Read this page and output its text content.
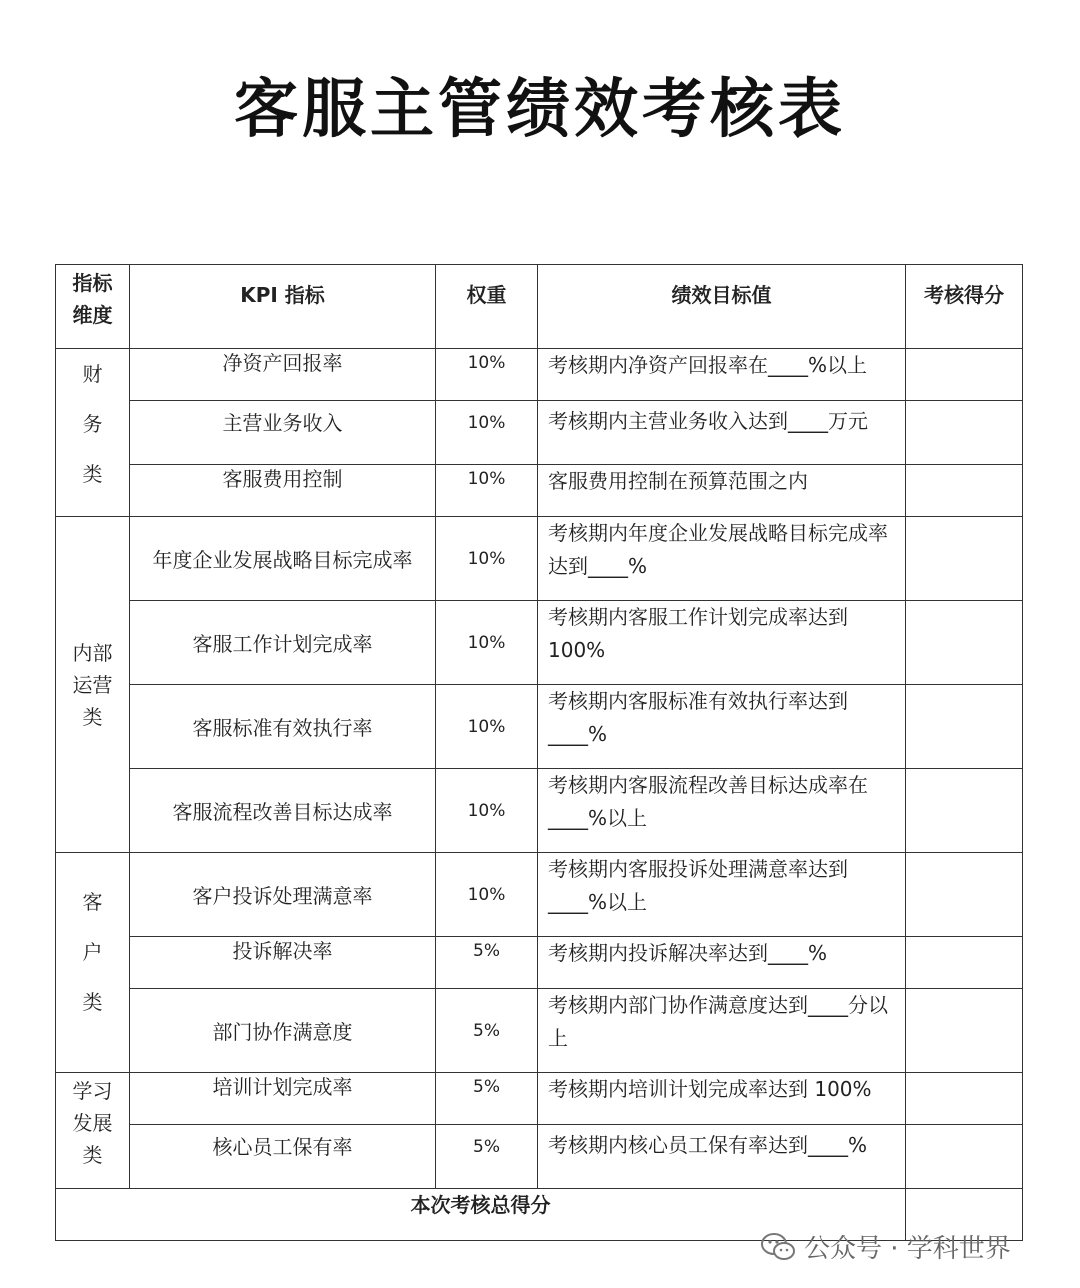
客服主管绩效考核表
指标
维度	KPI 指标	权重	绩效目标值	考核得分

财
务
类	净资产回报率	10%	考核期内净资产回报率在____%以上	
	主营业务收入	10%	考核期内主营业务收入达到____万元	
	客服费用控制	10%	客服费用控制在预算范围之内	

内部
运营
类	年度企业发展战略目标完成率	10%	考核期内年度企业发展战略目标完成率达到____%	
	客服工作计划完成率	10%	考核期内客服工作计划完成率达到100%	
	客服标准有效执行率	10%	考核期内客服标准有效执行率达到____%	
	客服流程改善目标达成率	10%	考核期内客服流程改善目标达成率在____%以上	

客
户
类	客户投诉处理满意率	10%	考核期内客服投诉处理满意率达到____%以上	
	投诉解决率	5%	考核期内投诉解决率达到____%	
	部门协作满意度	5%	考核期内部门协作满意度达到____分以上	

学习
发展
类	培训计划完成率	5%	考核期内培训计划完成率达到 100%	
	核心员工保有率	5%	考核期内核心员工保有率达到____%	
本次考核总得分				
公众号 · 学科世界
